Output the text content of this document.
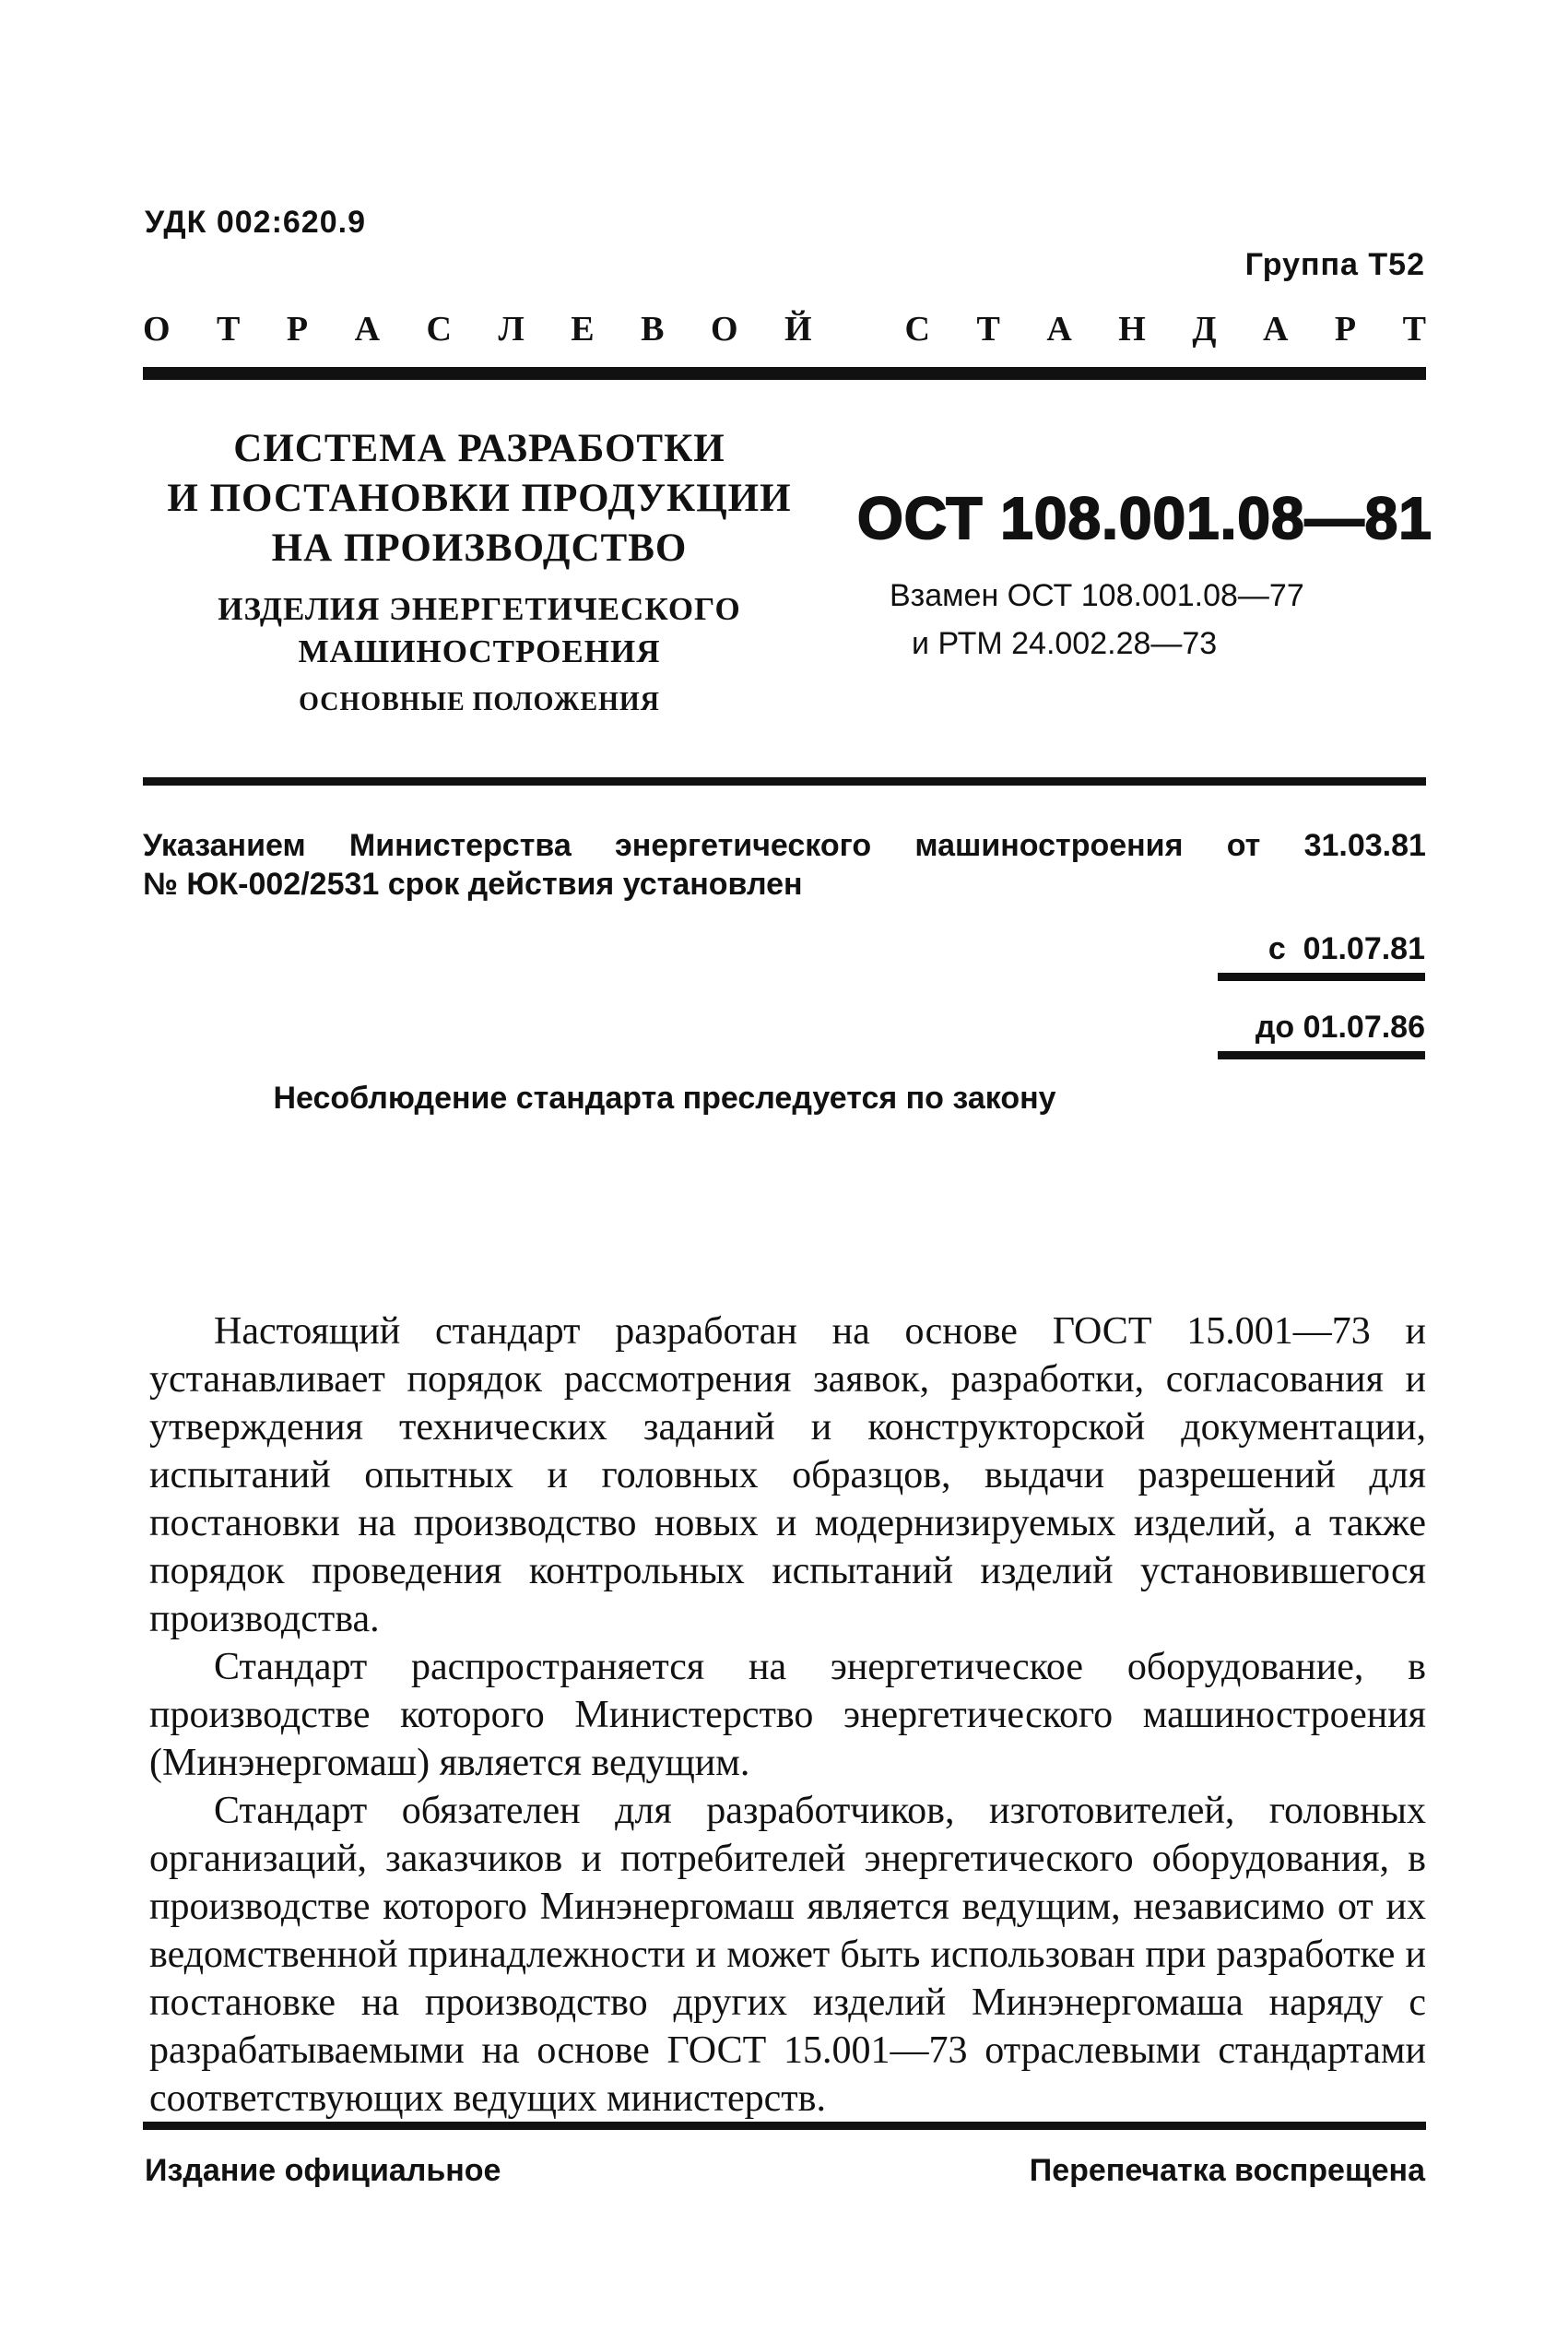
УДК 002:620.9
Группа Т52
О Т Р А С Л Е В О Й	С Т А Н Д А Р Т
СИСТЕМА РАЗРАБОТКИ
И ПОСТАНОВКИ ПРОДУКЦИИ
НА ПРОИЗВОДСТВО
ИЗДЕЛИЯ ЭНЕРГЕТИЧЕСКОГО
МАШИНОСТРОЕНИЯ
ОСНОВНЫЕ ПОЛОЖЕНИЯ
ОСТ 108.001.08—81
Взамен ОСТ 108.001.08—77
и РТМ 24.002.28—73
Указанием Министерства энергетического машиностроения от 31.03.81
№ ЮК-002/2531 срок действия установлен
с  01.07.81
до 01.07.86
Несоблюдение стандарта преследуется по закону

Настоящий стандарт разработан на основе ГОСТ 15.001—73 и устанавливает порядок рассмотрения заявок, разработки, согласования и утверждения технических заданий и конструкторской документации, испытаний опытных и головных образцов, выдачи разрешений для постановки на производство новых и модернизируемых изделий, а также порядок проведения контрольных испытаний изделий установившегося производства.

Стандарт распространяется на энергетическое оборудование, в производстве которого Министерство энергетического машиностроения (Минэнергомаш) является ведущим.

Стандарт обязателен для разработчиков, изготовителей, головных организаций, заказчиков и потребителей энергетического оборудования, в производстве которого Минэнергомаш является ведущим, независимо от их ведомственной принадлежности и может быть использован при разработке и постановке на производство других изделий Минэнергомаша наряду с разрабатываемыми на основе ГОСТ 15.001—73 отраслевыми стандартами соответствующих ведущих министерств.

Издание официальное	Перепечатка воспрещена
